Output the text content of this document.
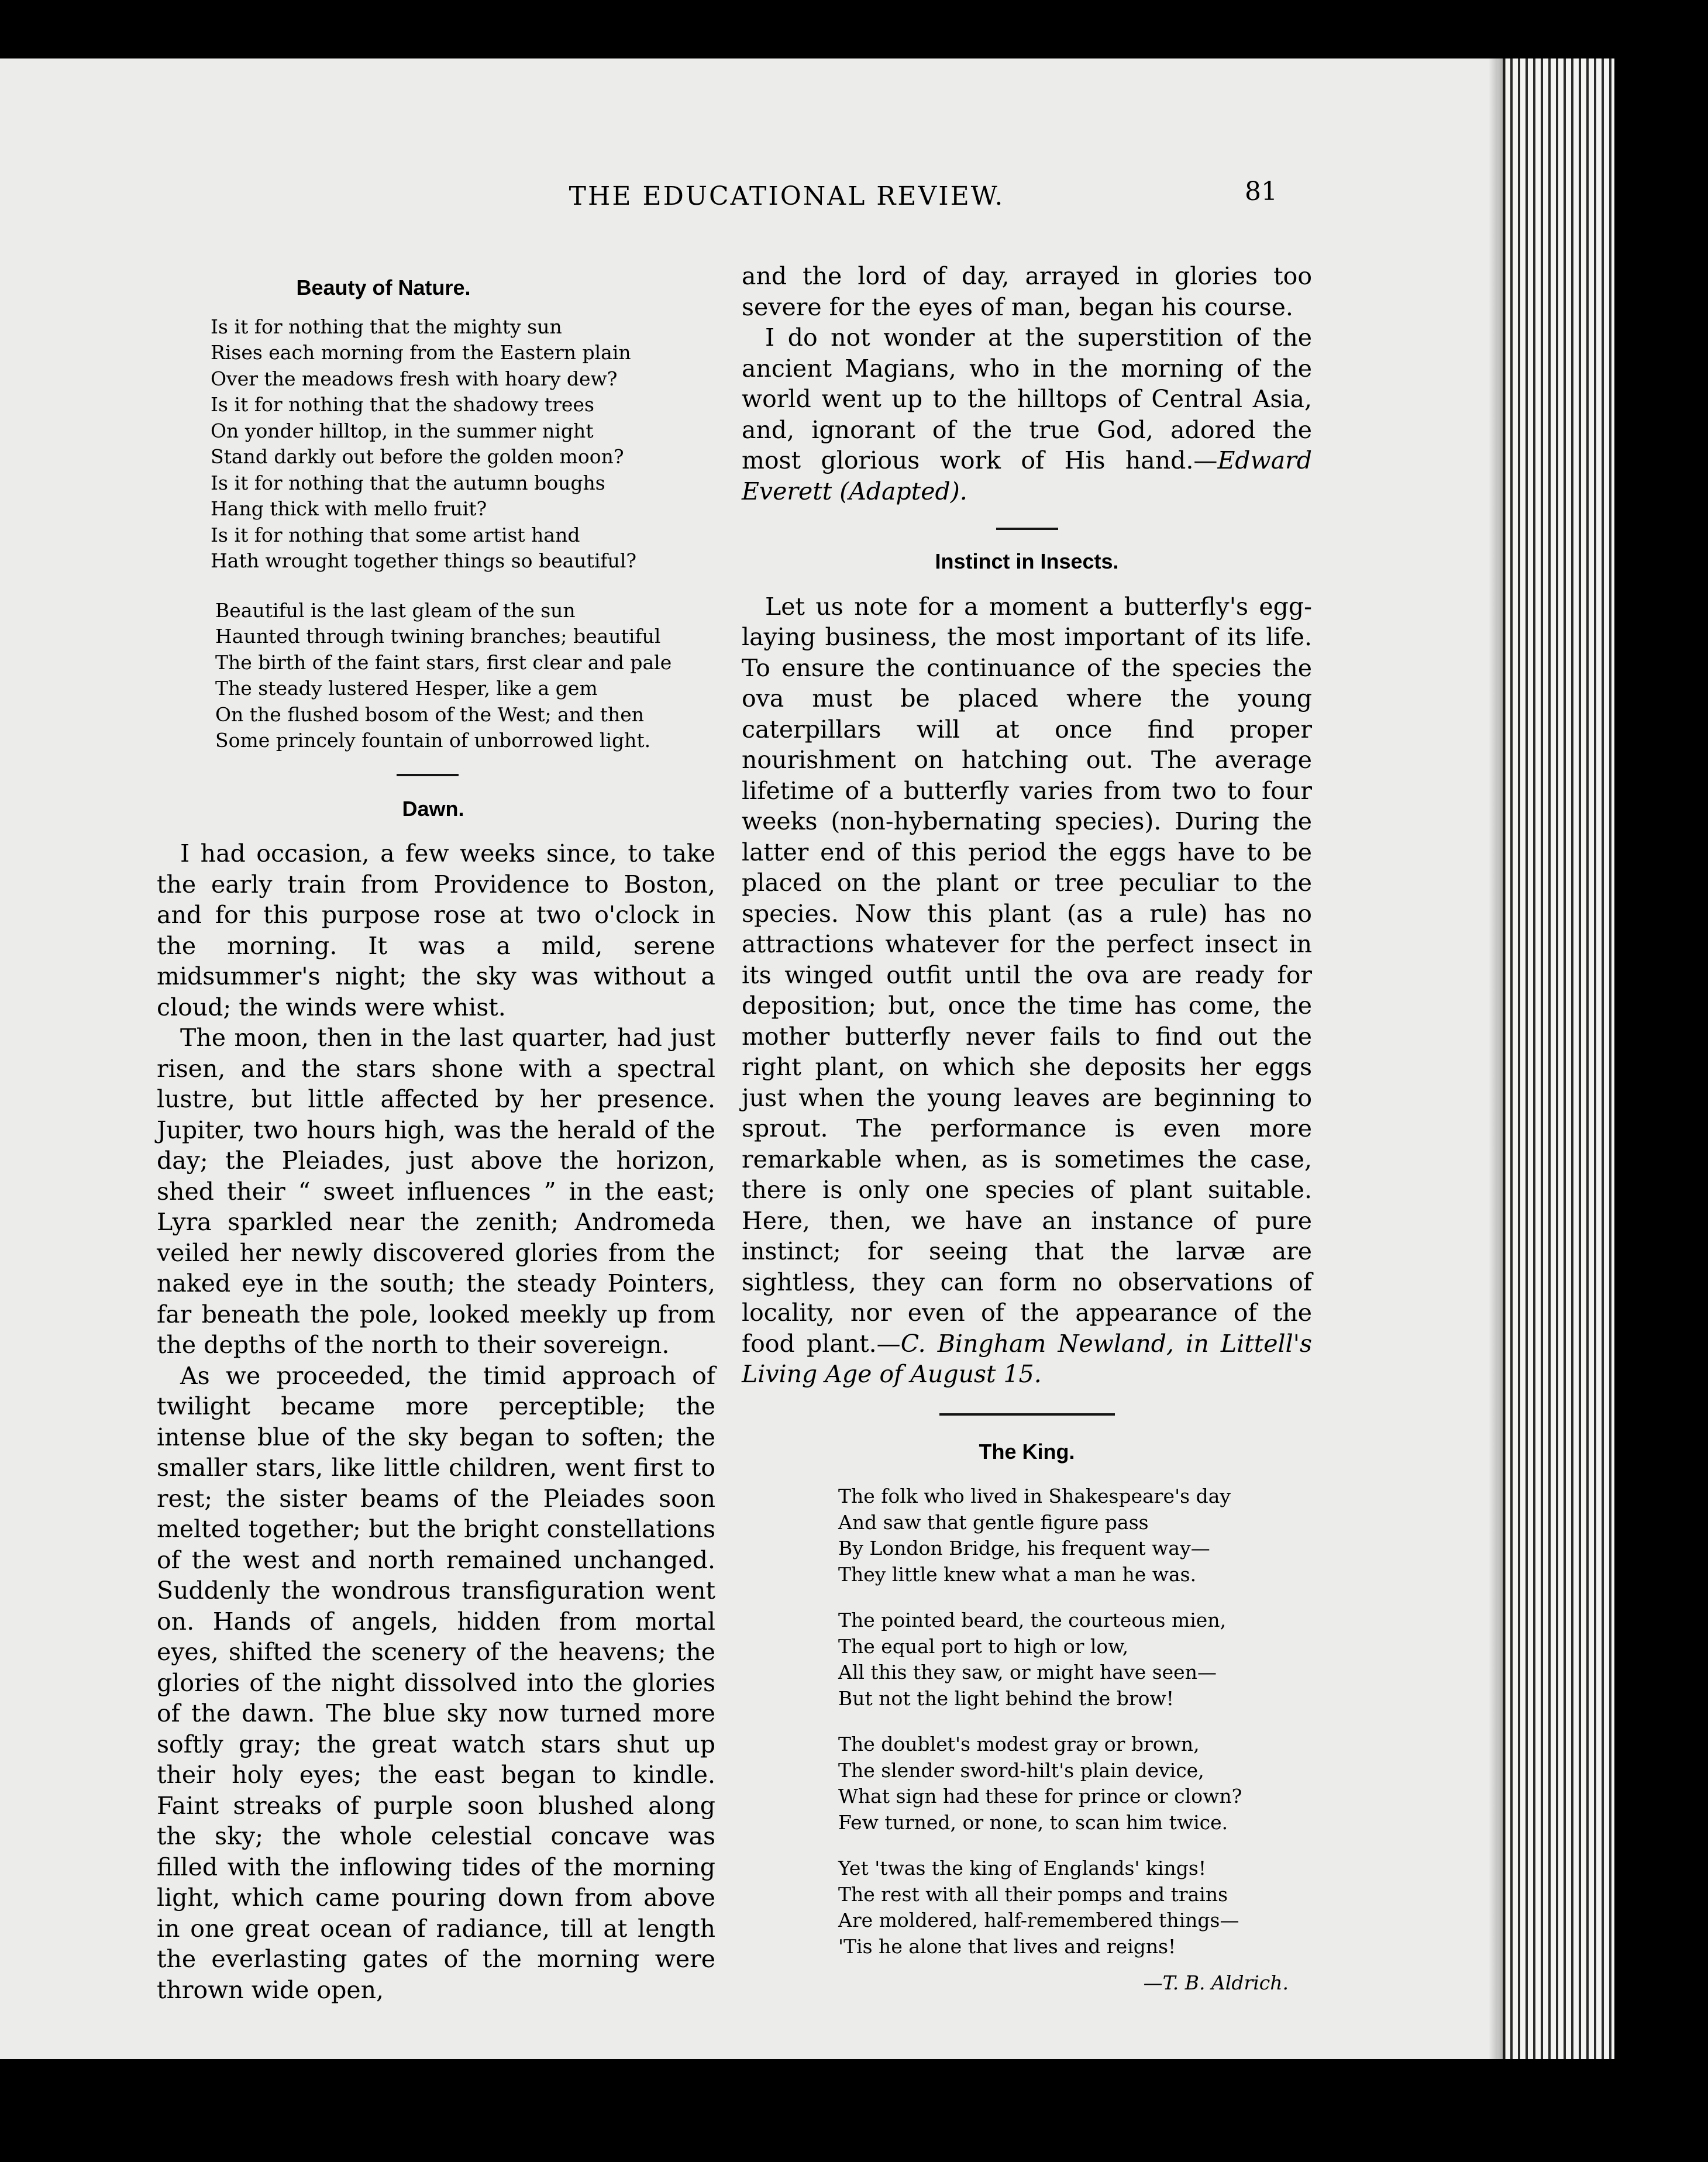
THE EDUCATIONAL REVIEW.	81
Beauty of Nature.
Is it for nothing that the mighty sun
Rises each morning from the Eastern plain
Over the meadows fresh with hoary dew?
Is it for nothing that the shadowy trees
On yonder hilltop, in the summer night
Stand darkly out before the golden moon?
Is it for nothing that the autumn boughs
Hang thick with mello fruit?
Is it for nothing that some artist hand
Hath wrought together things so beautiful?
Beautiful is the last gleam of the sun
Haunted through twining branches; beautiful
The birth of the faint stars, first clear and pale
The steady lustered Hesper, like a gem
On the flushed bosom of the West; and then
Some princely fountain of unborrowed light.
Dawn.

I had occasion, a few weeks since, to take the early train from Providence to Boston, and for this purpose rose at two o'clock in the morning. It was a mild, serene midsummer's night; the sky was without a cloud; the winds were whist.

The moon, then in the last quarter, had just risen, and the stars shone with a spectral lustre, but little affected by her presence. Jupiter, two hours high, was the herald of the day; the Pleiades, just above the horizon, shed their “ sweet influences ” in the east; Lyra sparkled near the zenith; Andromeda veiled her newly discovered glories from the naked eye in the south; the steady Pointers, far beneath the pole, looked meekly up from the depths of the north to their sovereign.

As we proceeded, the timid approach of twilight became more perceptible; the intense blue of the sky began to soften; the smaller stars, like little children, went first to rest; the sister beams of the Pleiades soon melted together; but the bright constellations of the west and north remained unchanged. Suddenly the wondrous transfiguration went on. Hands of angels, hidden from mortal eyes, shifted the scenery of the heavens; the glories of the night dissolved into the glories of the dawn. The blue sky now turned more softly gray; the great watch stars shut up their holy eyes; the east began to kindle. Faint streaks of purple soon blushed along the sky; the whole celestial concave was filled with the inflowing tides of the morning light, which came pouring down from above in one great ocean of radiance, till at length the everlasting gates of the morning were thrown wide open,

and the lord of day, arrayed in glories too severe for the eyes of man, began his course.

I do not wonder at the superstition of the ancient Magians, who in the morning of the world went up to the hilltops of Central Asia, and, ignorant of the true God, adored the most glorious work of His hand.—Edward Everett (Adapted).

Instinct in Insects.

Let us note for a moment a butterfly's egg-laying business, the most important of its life. To ensure the continuance of the species the ova must be placed where the young caterpillars will at once find proper nourishment on hatching out. The average lifetime of a butterfly varies from two to four weeks (non-hybernating species). During the latter end of this period the eggs have to be placed on the plant or tree peculiar to the species. Now this plant (as a rule) has no attractions whatever for the perfect insect in its winged outfit until the ova are ready for deposition; but, once the time has come, the mother butterfly never fails to find out the right plant, on which she deposits her eggs just when the young leaves are beginning to sprout. The performance is even more remarkable when, as is sometimes the case, there is only one species of plant suitable. Here, then, we have an instance of pure instinct; for seeing that the larvæ are sightless, they can form no observations of locality, nor even of the appearance of the food plant.—C. Bingham Newland, in Littell's Living Age of August 15.

The King.
The folk who lived in Shakespeare's day
And saw that gentle figure pass
By London Bridge, his frequent way—
They little knew what a man he was.
The pointed beard, the courteous mien,
The equal port to high or low,
All this they saw, or might have seen—
But not the light behind the brow!
The doublet's modest gray or brown,
The slender sword-hilt's plain device,
What sign had these for prince or clown?
Few turned, or none, to scan him twice.
Yet 'twas the king of Englands' kings!
The rest with all their pomps and trains
Are moldered, half-remembered things—
'Tis he alone that lives and reigns!
—T. B. Aldrich.
